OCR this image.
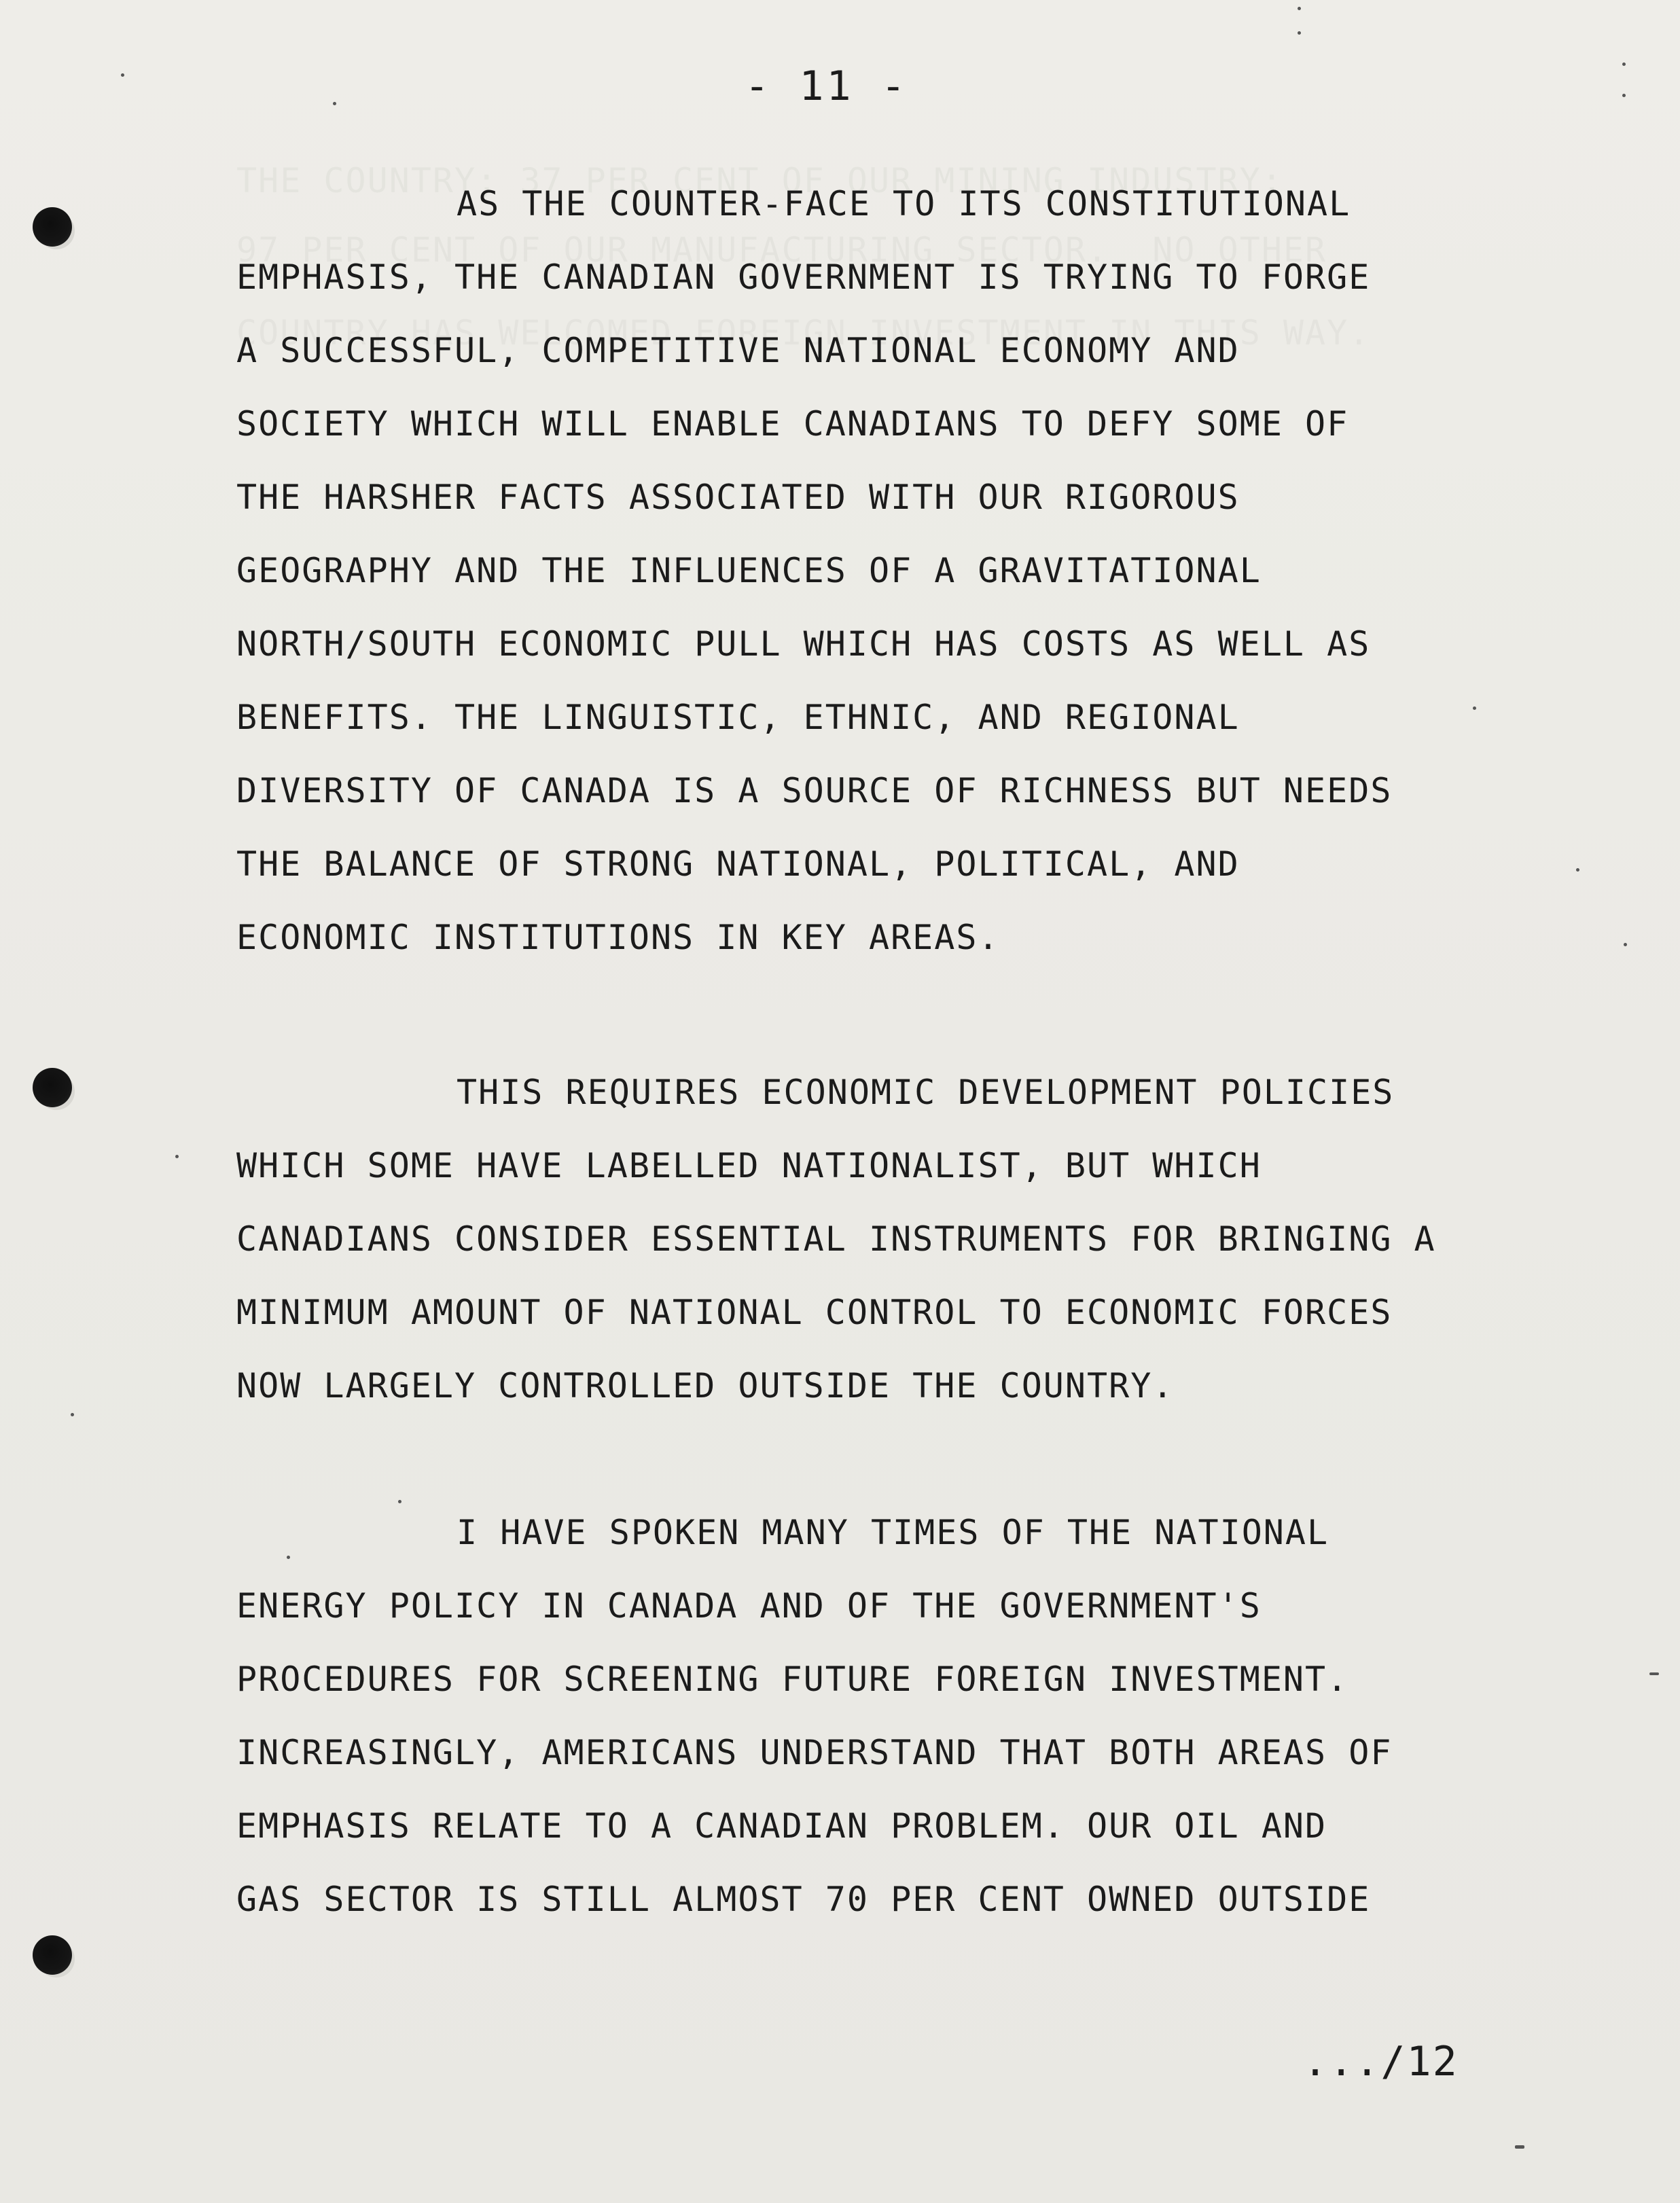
- 11 -
AS THE COUNTER-FACE TO ITS CONSTITUTIONAL
EMPHASIS, THE CANADIAN GOVERNMENT IS TRYING TO FORGE
A SUCCESSFUL, COMPETITIVE NATIONAL ECONOMY AND
SOCIETY WHICH WILL ENABLE CANADIANS TO DEFY SOME OF
THE HARSHER FACTS ASSOCIATED WITH OUR RIGOROUS
GEOGRAPHY AND THE INFLUENCES OF A GRAVITATIONAL
NORTH/SOUTH ECONOMIC PULL WHICH HAS COSTS AS WELL AS
BENEFITS. THE LINGUISTIC, ETHNIC, AND REGIONAL
DIVERSITY OF CANADA IS A SOURCE OF RICHNESS BUT NEEDS
THE BALANCE OF STRONG NATIONAL, POLITICAL, AND
ECONOMIC INSTITUTIONS IN KEY AREAS.
THIS REQUIRES ECONOMIC DEVELOPMENT POLICIES
WHICH SOME HAVE LABELLED NATIONALIST, BUT WHICH
CANADIANS CONSIDER ESSENTIAL INSTRUMENTS FOR BRINGING A
MINIMUM AMOUNT OF NATIONAL CONTROL TO ECONOMIC FORCES
NOW LARGELY CONTROLLED OUTSIDE THE COUNTRY.
I HAVE SPOKEN MANY TIMES OF THE NATIONAL
ENERGY POLICY IN CANADA AND OF THE GOVERNMENT'S
PROCEDURES FOR SCREENING FUTURE FOREIGN INVESTMENT.
INCREASINGLY, AMERICANS UNDERSTAND THAT BOTH AREAS OF
EMPHASIS RELATE TO A CANADIAN PROBLEM. OUR OIL AND
GAS SECTOR IS STILL ALMOST 70 PER CENT OWNED OUTSIDE
.../12
